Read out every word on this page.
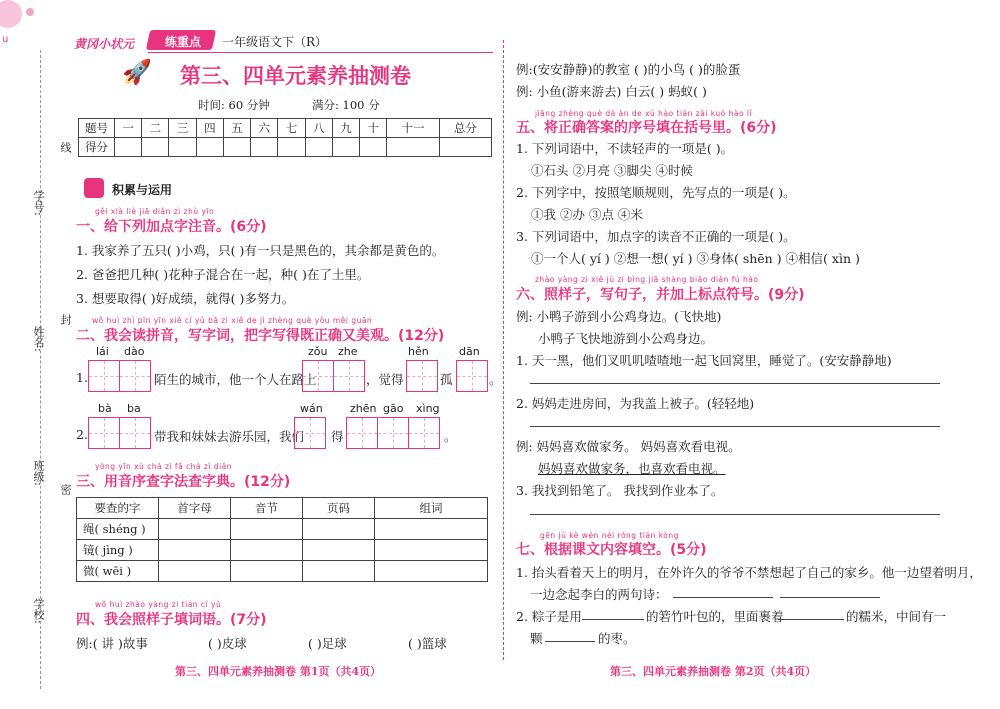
u
学号:
姓名:
班级:
学校:
线
封
密
黄冈小状元	练重点 一年级语文下（R）
🚀 第三、四单元素养抽测卷
时间: 60 分钟	满分: 100 分
题号	一	二	三	四	五	六	七	八	九	十	十一	总分
得分												
积累与运用
gěi xià liè jiā diǎn zì zhù yīn
一、给下列加点字注音。(6分)
1. 我家养了五只( )小鸡，只( )有一只是黑色的，其余都是黄色的。
2. 爸爸把几种( )花种子混合在一起，种( )在了土里。
3. 想要取得( )好成绩，就得( )多努力。
wǒ huì zhì pīn yīn xiě cí yǔ bǎ zì xiě de jì zhèng què yòu měi guān
二、我会读拼音，写字词，把字写得既正确又美观。(12分)
lái dào	zǒu zhe	hěn	dān
1.	陌生的城市，他一个人在路上	，觉得	孤	。
bà ba	wán zhēn gāo xìng
2.	带我和妹妹去游乐园，我们 得	。
yòng yīn xù chá zì fǎ chá zì diǎn
三、用音序查字法查字典。(12分)
要查的字	首字母	音节	页码	组词
绳( shéng )				
镜( jìng )				
微( wēi )				
wǒ huì zhào yàng zi tián cí yǔ
四、我会照样子填词语。(7分)
例:( 讲 )故事	( )皮球	( )足球	( )篮球
例:(安安静静)的教室 ( )的小鸟 ( )的脸蛋
例: 小鱼(游来游去) 白云( ) 蚂蚁( )
jiāng zhèng què dá àn de xù hào tián zài kuò hào lǐ
五、将正确答案的序号填在括号里。(6分)
1. 下列词语中，不读轻声的一项是( )。
①石头 ②月亮 ③脚尖 ④时候
2. 下列字中，按照笔顺规则，先写点的一项是( )。
①我 ②办 ③点 ④米
3. 下列词语中，加点字的读音不正确的一项是( )。
①一个人( yí ) ②想一想( yí ) ③身体( shēn ) ④相信( xìn )
zhào yàng zi xiě jù zi bìng jiā shàng biāo diǎn fú hào
六、照样子，写句子，并加上标点符号。(9分)
例: 小鸭子游到小公鸡身边。(飞快地)
小鸭子飞快地游到小公鸡身边。
1. 天一黑，他们叉叽叽喳喳地一起飞回窝里，睡觉了。(安安静静地)
2. 妈妈走进房间，为我盖上被子。(轻轻地)
例: 妈妈喜欢做家务。 妈妈喜欢看电视。
妈妈喜欢做家务，也喜欢看电视。
3. 我找到铅笔了。 我找到作业本了。
gēn jù kè wén nèi róng tián kòng
七、根据课文内容填空。(5分)
1. 抬头看着天上的明月，在外许久的爷爷不禁想起了自己的家乡。他一边望着明月，
一边念起李白的两句诗：
2. 粽子是用	的箬竹叶包的，里面裹着	的糯米，中间有一
颗	的枣。
第三、四单元素养抽测卷 第1页（共4页）	第三、四单元素养抽测卷 第2页（共4页）
